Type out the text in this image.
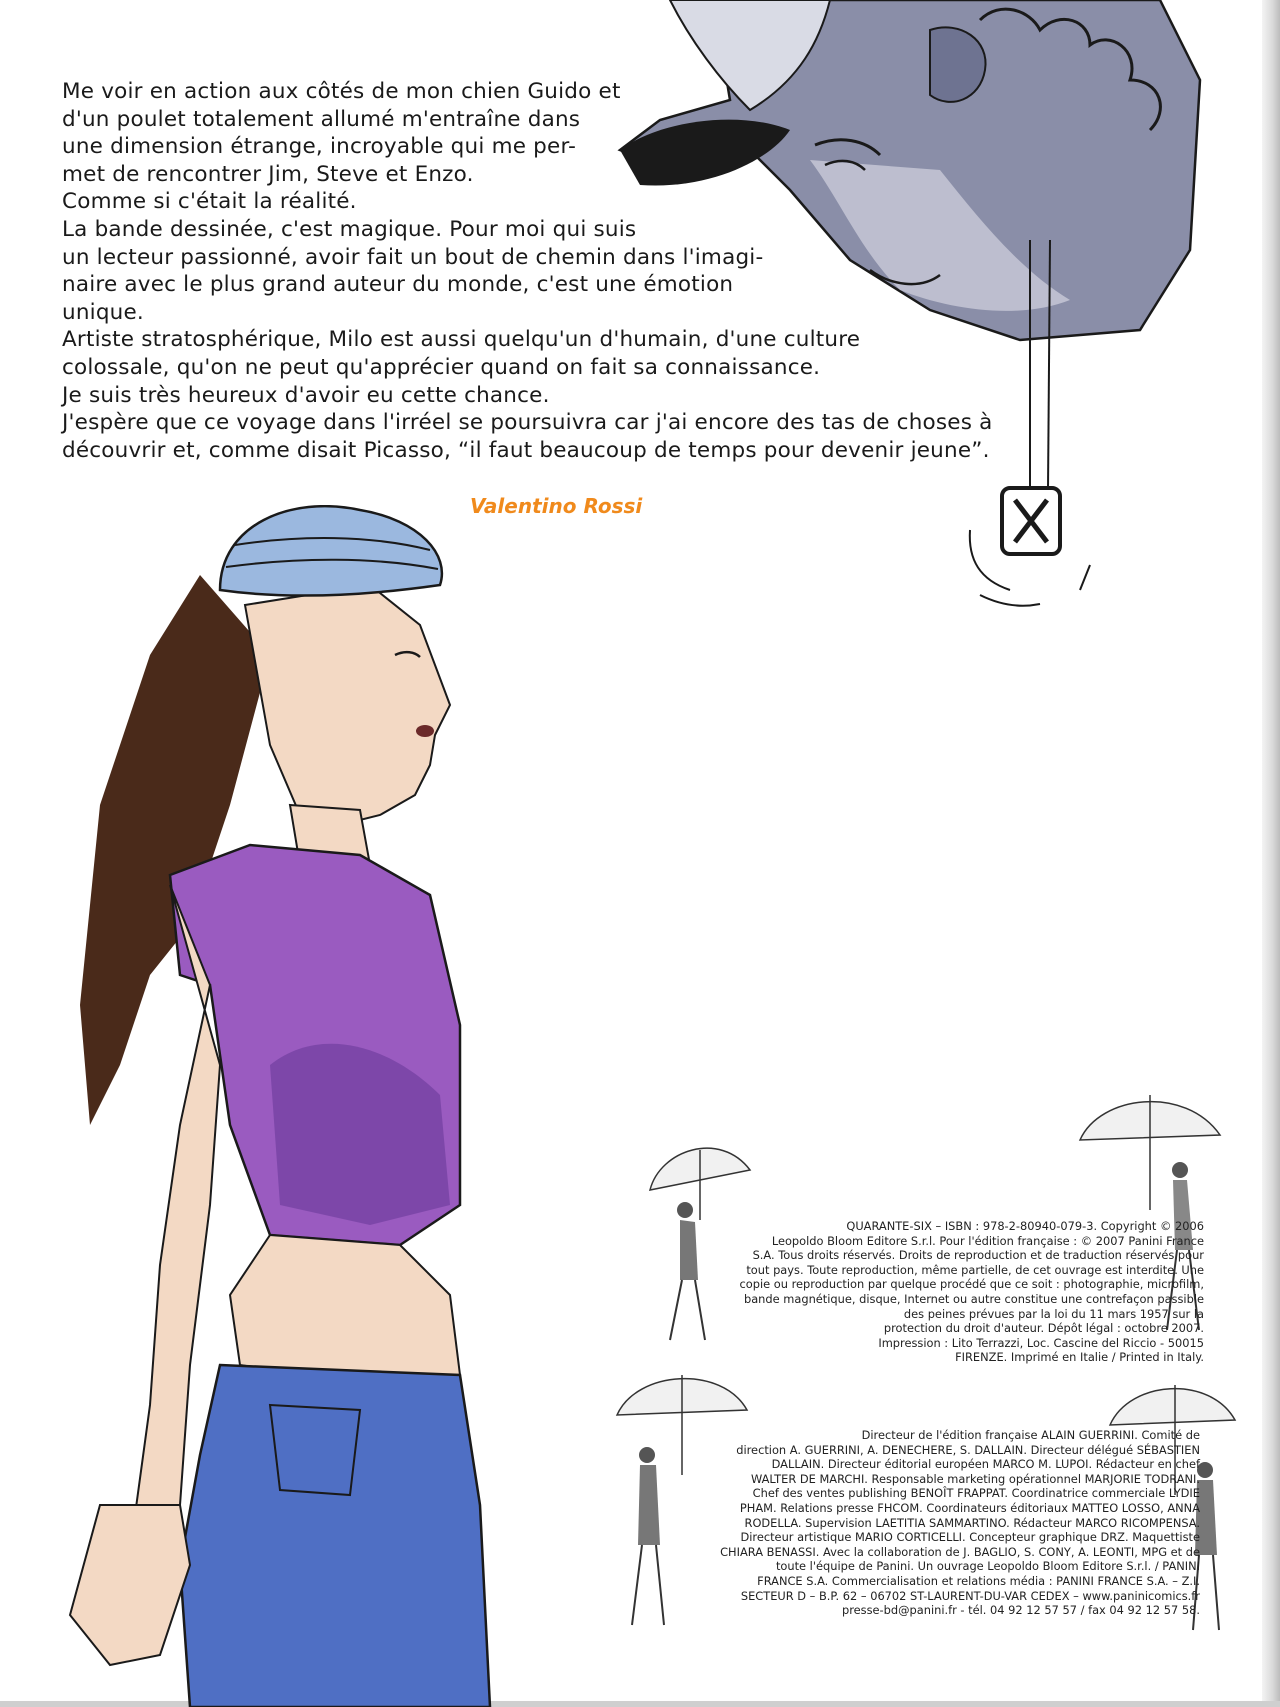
Me voir en action aux côtés de mon chien Guido et
d'un poulet totalement allumé m'entraîne dans
une dimension étrange, incroyable qui me per-
met de rencontrer Jim, Steve et Enzo.
Comme si c'était la réalité.
La bande dessinée, c'est magique. Pour moi qui suis
un lecteur passionné, avoir fait un bout de chemin dans l'imagi-
naire avec le plus grand auteur du monde, c'est une émotion
unique.
Artiste stratosphérique, Milo est aussi quelqu'un d'humain, d'une culture
colossale, qu'on ne peut qu'apprécier quand on fait sa connaissance.
Je suis très heureux d'avoir eu cette chance.
J'espère que ce voyage dans l'irréel se poursuivra car j'ai encore des tas de choses à
découvrir et, comme disait Picasso, “il faut beaucoup de temps pour devenir jeune”.
Valentino Rossi
QUARANTE-SIX – ISBN : 978-2-80940-079-3. Copyright © 2006
Leopoldo Bloom Editore S.r.l. Pour l'édition française : © 2007 Panini France
S.A. Tous droits réservés. Droits de reproduction et de traduction réservés pour
tout pays. Toute reproduction, même partielle, de cet ouvrage est interdite. Une
copie ou reproduction par quelque procédé que ce soit : photographie, microfilm,
bande magnétique, disque, Internet ou autre constitue une contrefaçon passible
des peines prévues par la loi du 11 mars 1957 sur la
protection du droit d'auteur. Dépôt légal : octobre 2007.
Impression : Lito Terrazzi, Loc. Cascine del Riccio - 50015
FIRENZE. Imprimé en Italie / Printed in Italy.
Directeur de l'édition française ALAIN GUERRINI. Comité de
direction A. GUERRINI, A. DENECHERE, S. DALLAIN. Directeur délégué SÉBASTIEN
DALLAIN. Directeur éditorial européen MARCO M. LUPOI. Rédacteur en chef
WALTER DE MARCHI. Responsable marketing opérationnel MARJORIE TODRANI.
Chef des ventes publishing BENOÎT FRAPPAT. Coordinatrice commerciale LYDIE
PHAM. Relations presse FHCOM. Coordinateurs éditoriaux MATTEO LOSSO, ANNA
RODELLA. Supervision LAETITIA SAMMARTINO. Rédacteur MARCO RICOMPENSA.
Directeur artistique MARIO CORTICELLI. Concepteur graphique DRZ. Maquettiste
CHIARA BENASSI. Avec la collaboration de J. BAGLIO, S. CONY, A. LEONTI, MPG et de
toute l'équipe de Panini. Un ouvrage Leopoldo Bloom Editore S.r.l. / PANINI
FRANCE S.A. Commercialisation et relations média : PANINI FRANCE S.A. – Z.I.
SECTEUR D – B.P. 62 – 06702 ST-LAURENT-DU-VAR CEDEX – www.paninicomics.fr
presse-bd@panini.fr - tél. 04 92 12 57 57 / fax 04 92 12 57 58.
